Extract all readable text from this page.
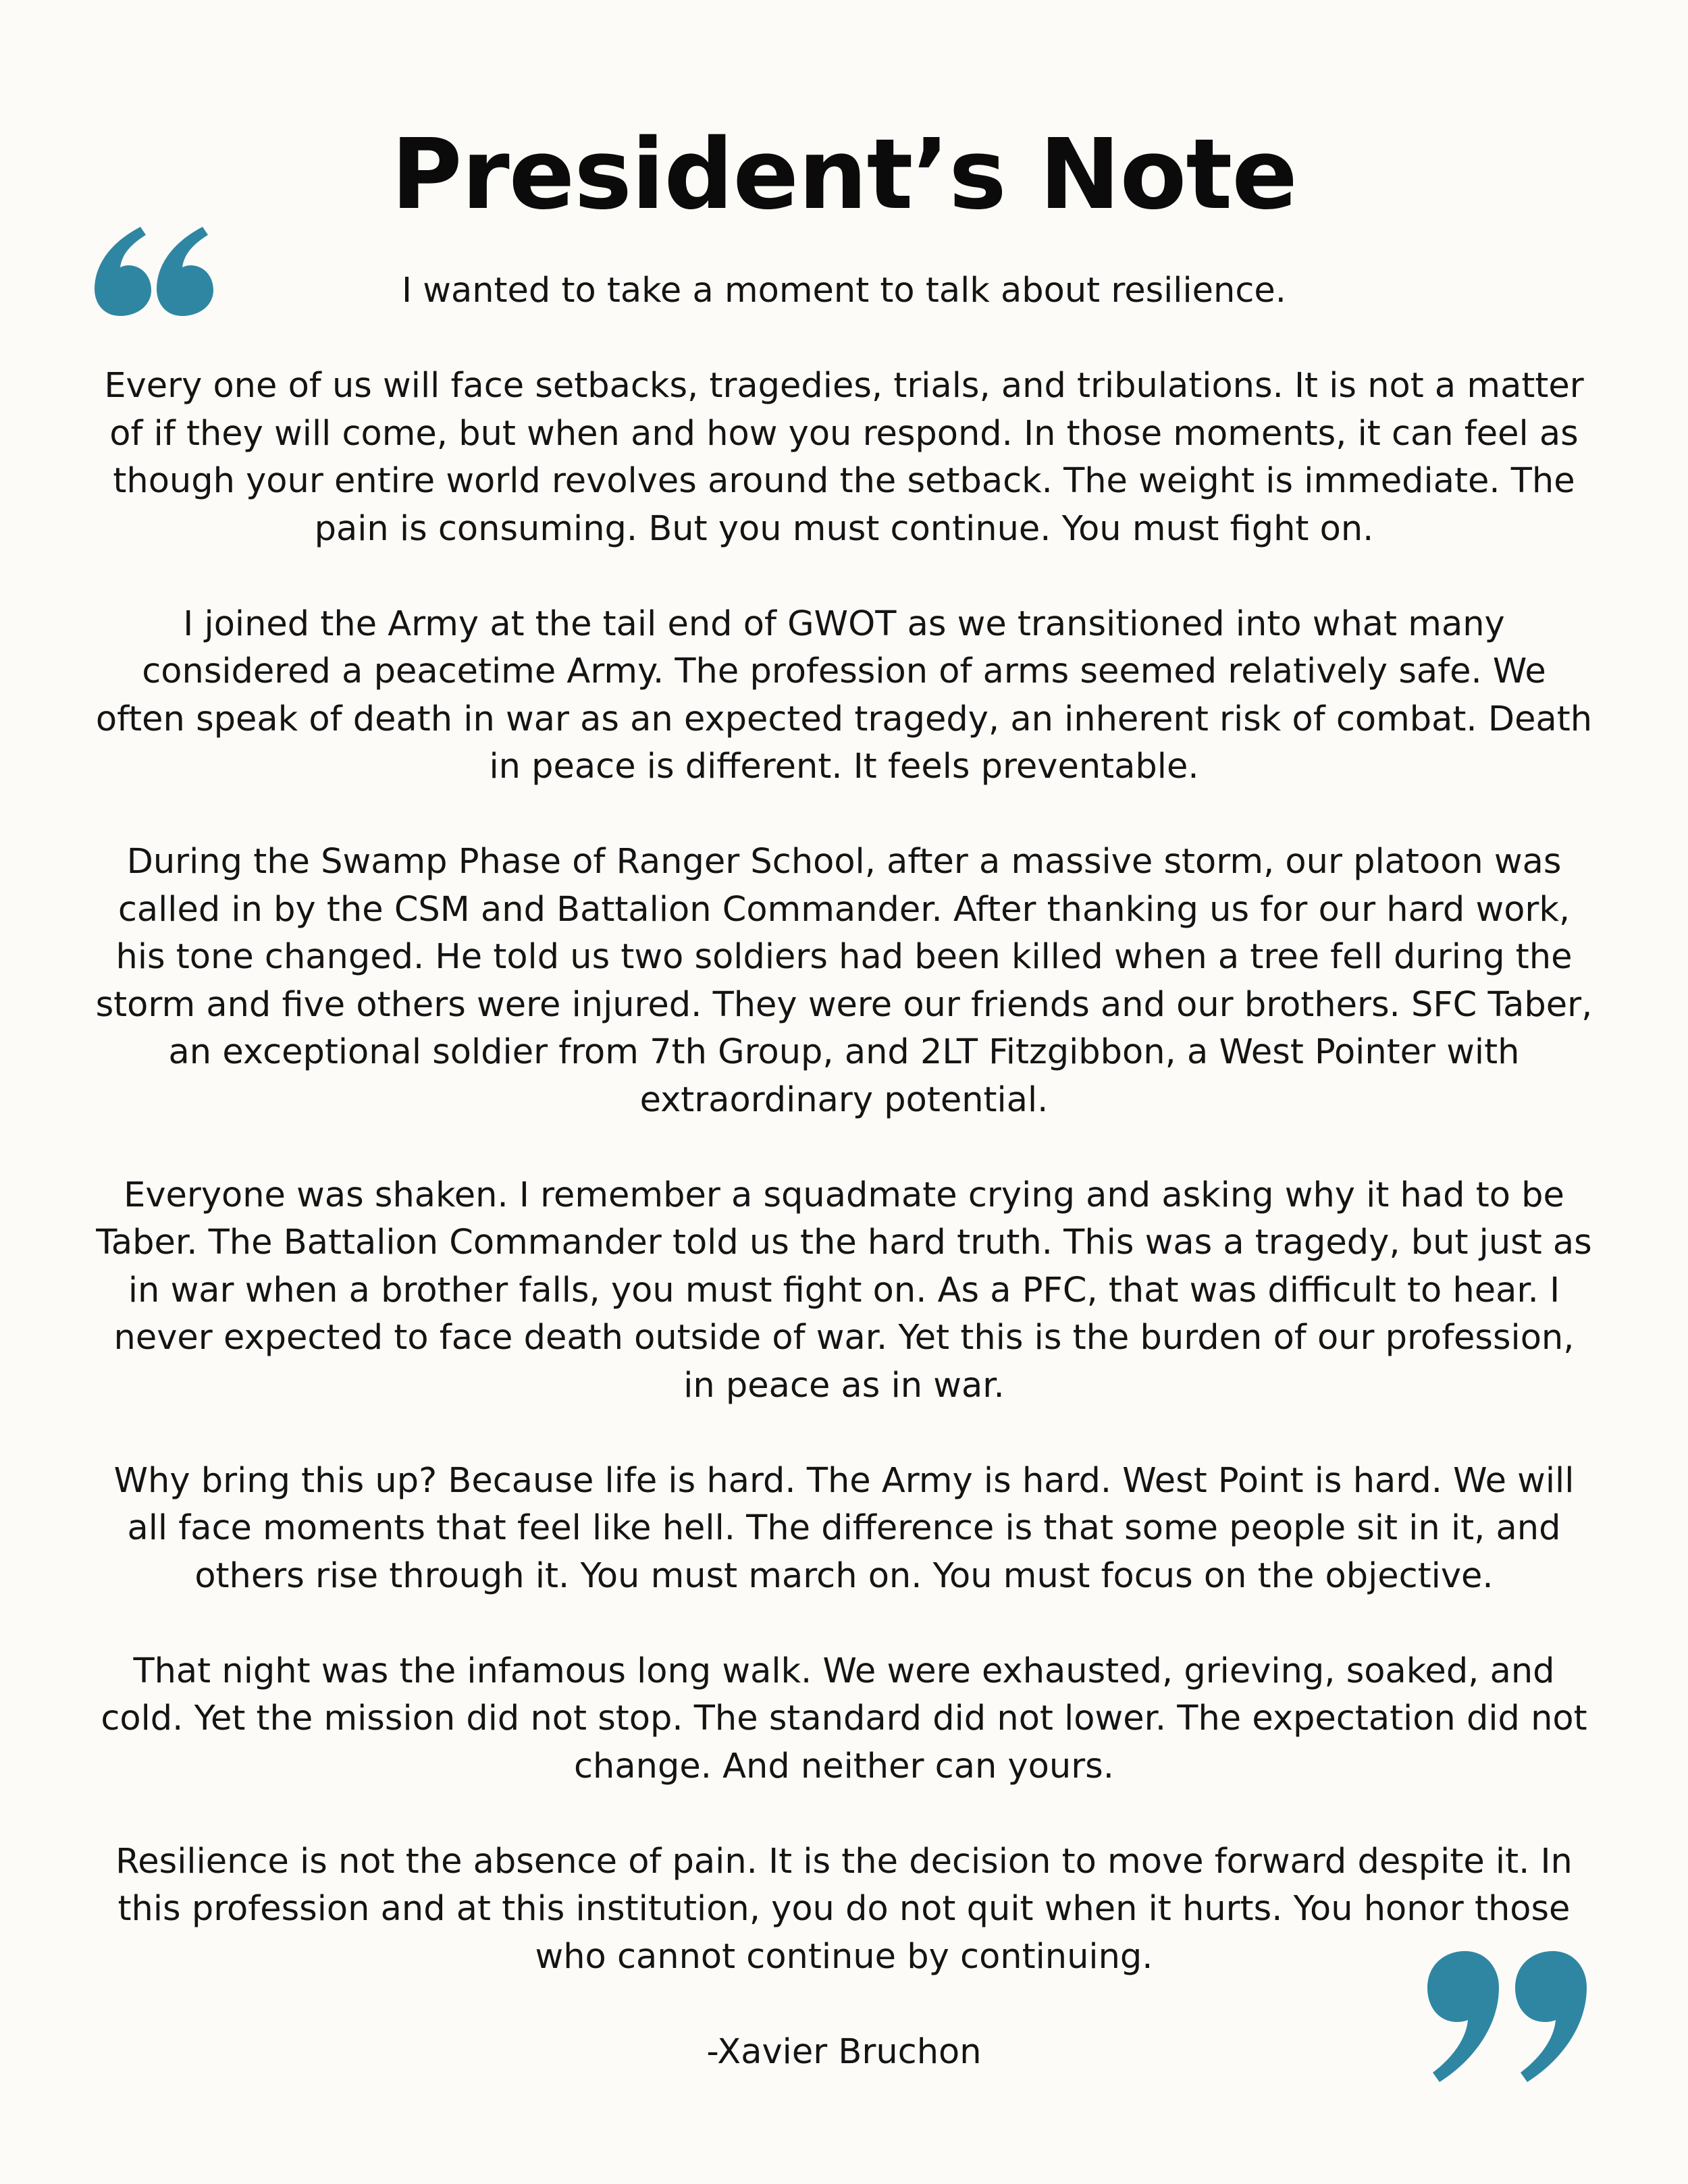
President’s Note

I wanted to take a moment to talk about resilience.

Every one of us will face setbacks, tragedies, trials, and tribulations. It is not a matter of if they will come, but when and how you respond. In those moments, it can feel as though your entire world revolves around the setback. The weight is immediate. The pain is consuming. But you must continue. You must fight on.

I joined the Army at the tail end of GWOT as we transitioned into what many considered a peacetime Army. The profession of arms seemed relatively safe. We often speak of death in war as an expected tragedy, an inherent risk of combat. Death in peace is different. It feels preventable.

During the Swamp Phase of Ranger School, after a massive storm, our platoon was called in by the CSM and Battalion Commander. After thanking us for our hard work, his tone changed. He told us two soldiers had been killed when a tree fell during the storm and five others were injured. They were our friends and our brothers. SFC Taber, an exceptional soldier from 7th Group, and 2LT Fitzgibbon, a West Pointer with extraordinary potential.

Everyone was shaken. I remember a squadmate crying and asking why it had to be Taber. The Battalion Commander told us the hard truth. This was a tragedy, but just as in war when a brother falls, you must fight on. As a PFC, that was difficult to hear. I never expected to face death outside of war. Yet this is the burden of our profession, in peace as in war.

Why bring this up? Because life is hard. The Army is hard. West Point is hard. We will all face moments that feel like hell. The difference is that some people sit in it, and others rise through it. You must march on. You must focus on the objective.

That night was the infamous long walk. We were exhausted, grieving, soaked, and cold. Yet the mission did not stop. The standard did not lower. The expectation did not change. And neither can yours.

Resilience is not the absence of pain. It is the decision to move forward despite it. In this profession and at this institution, you do not quit when it hurts. You honor those who cannot continue by continuing.

-Xavier Bruchon
